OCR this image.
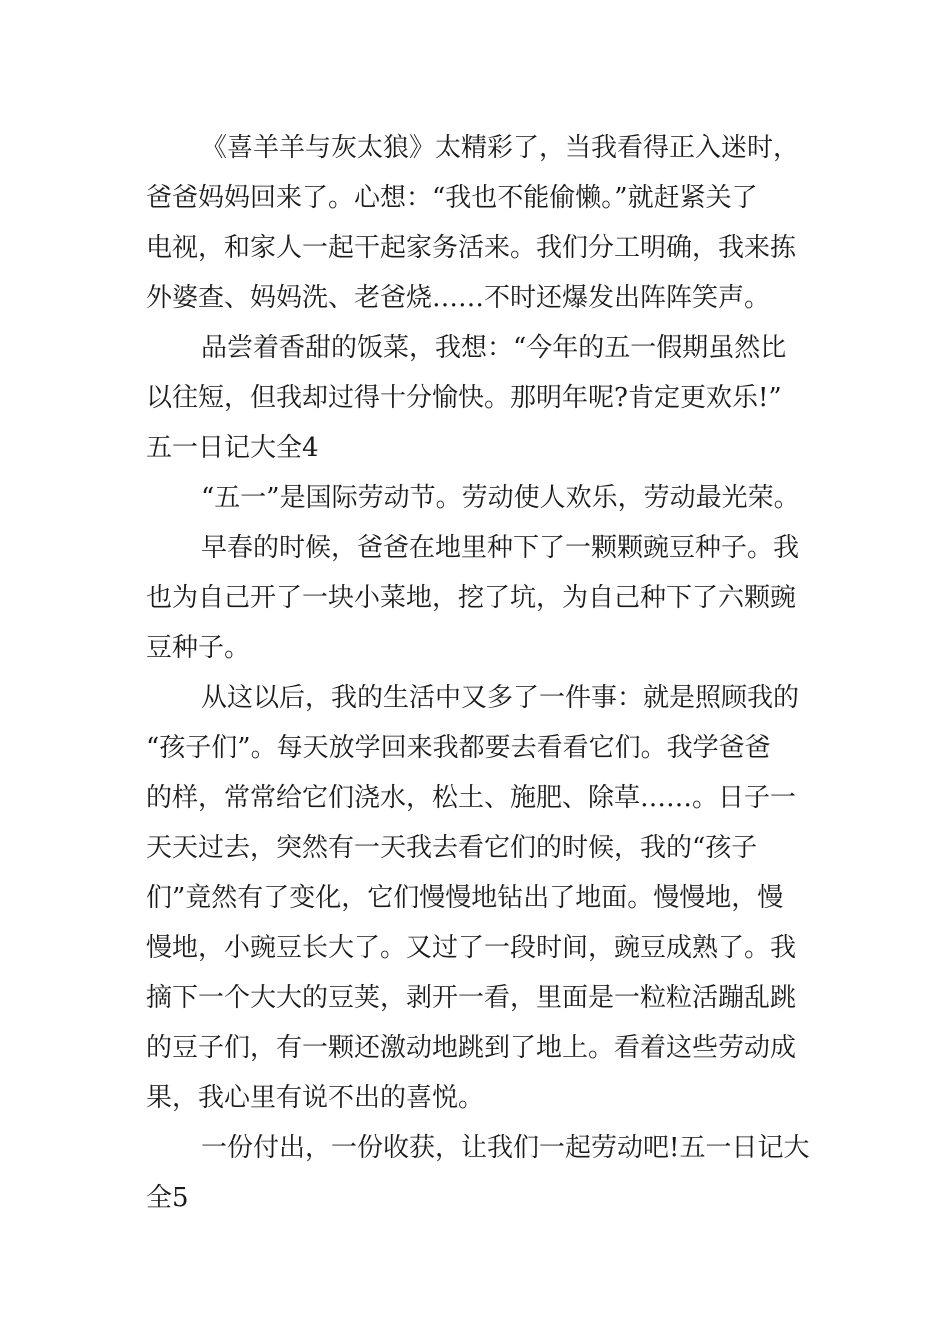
《喜羊羊与灰太狼》太精彩了，当我看得正入迷时，
爸爸妈妈回来了。心想：“我也不能偷懒。”就赶紧关了
电视，和家人一起干起家务活来。我们分工明确，我来拣
外婆查、妈妈洗、老爸烧……不时还爆发出阵阵笑声。
品尝着香甜的饭菜，我想：“今年的五一假期虽然比
以往短，但我却过得十分愉快。那明年呢?肯定更欢乐!”
五一日记大全4
“五一”是国际劳动节。劳动使人欢乐，劳动最光荣。
早春的时候，爸爸在地里种下了一颗颗豌豆种子。我
也为自己开了一块小菜地，挖了坑，为自己种下了六颗豌
豆种子。
从这以后，我的生活中又多了一件事：就是照顾我的
“孩子们”。每天放学回来我都要去看看它们。我学爸爸
的样，常常给它们浇水，松土、施肥、除草……。日子一
天天过去，突然有一天我去看它们的时候，我的“孩子
们”竟然有了变化，它们慢慢地钻出了地面。慢慢地，慢
慢地，小豌豆长大了。又过了一段时间，豌豆成熟了。我
摘下一个大大的豆荚，剥开一看，里面是一粒粒活蹦乱跳
的豆子们，有一颗还激动地跳到了地上。看着这些劳动成
果，我心里有说不出的喜悦。
一份付出，一份收获，让我们一起劳动吧!五一日记大
全5
